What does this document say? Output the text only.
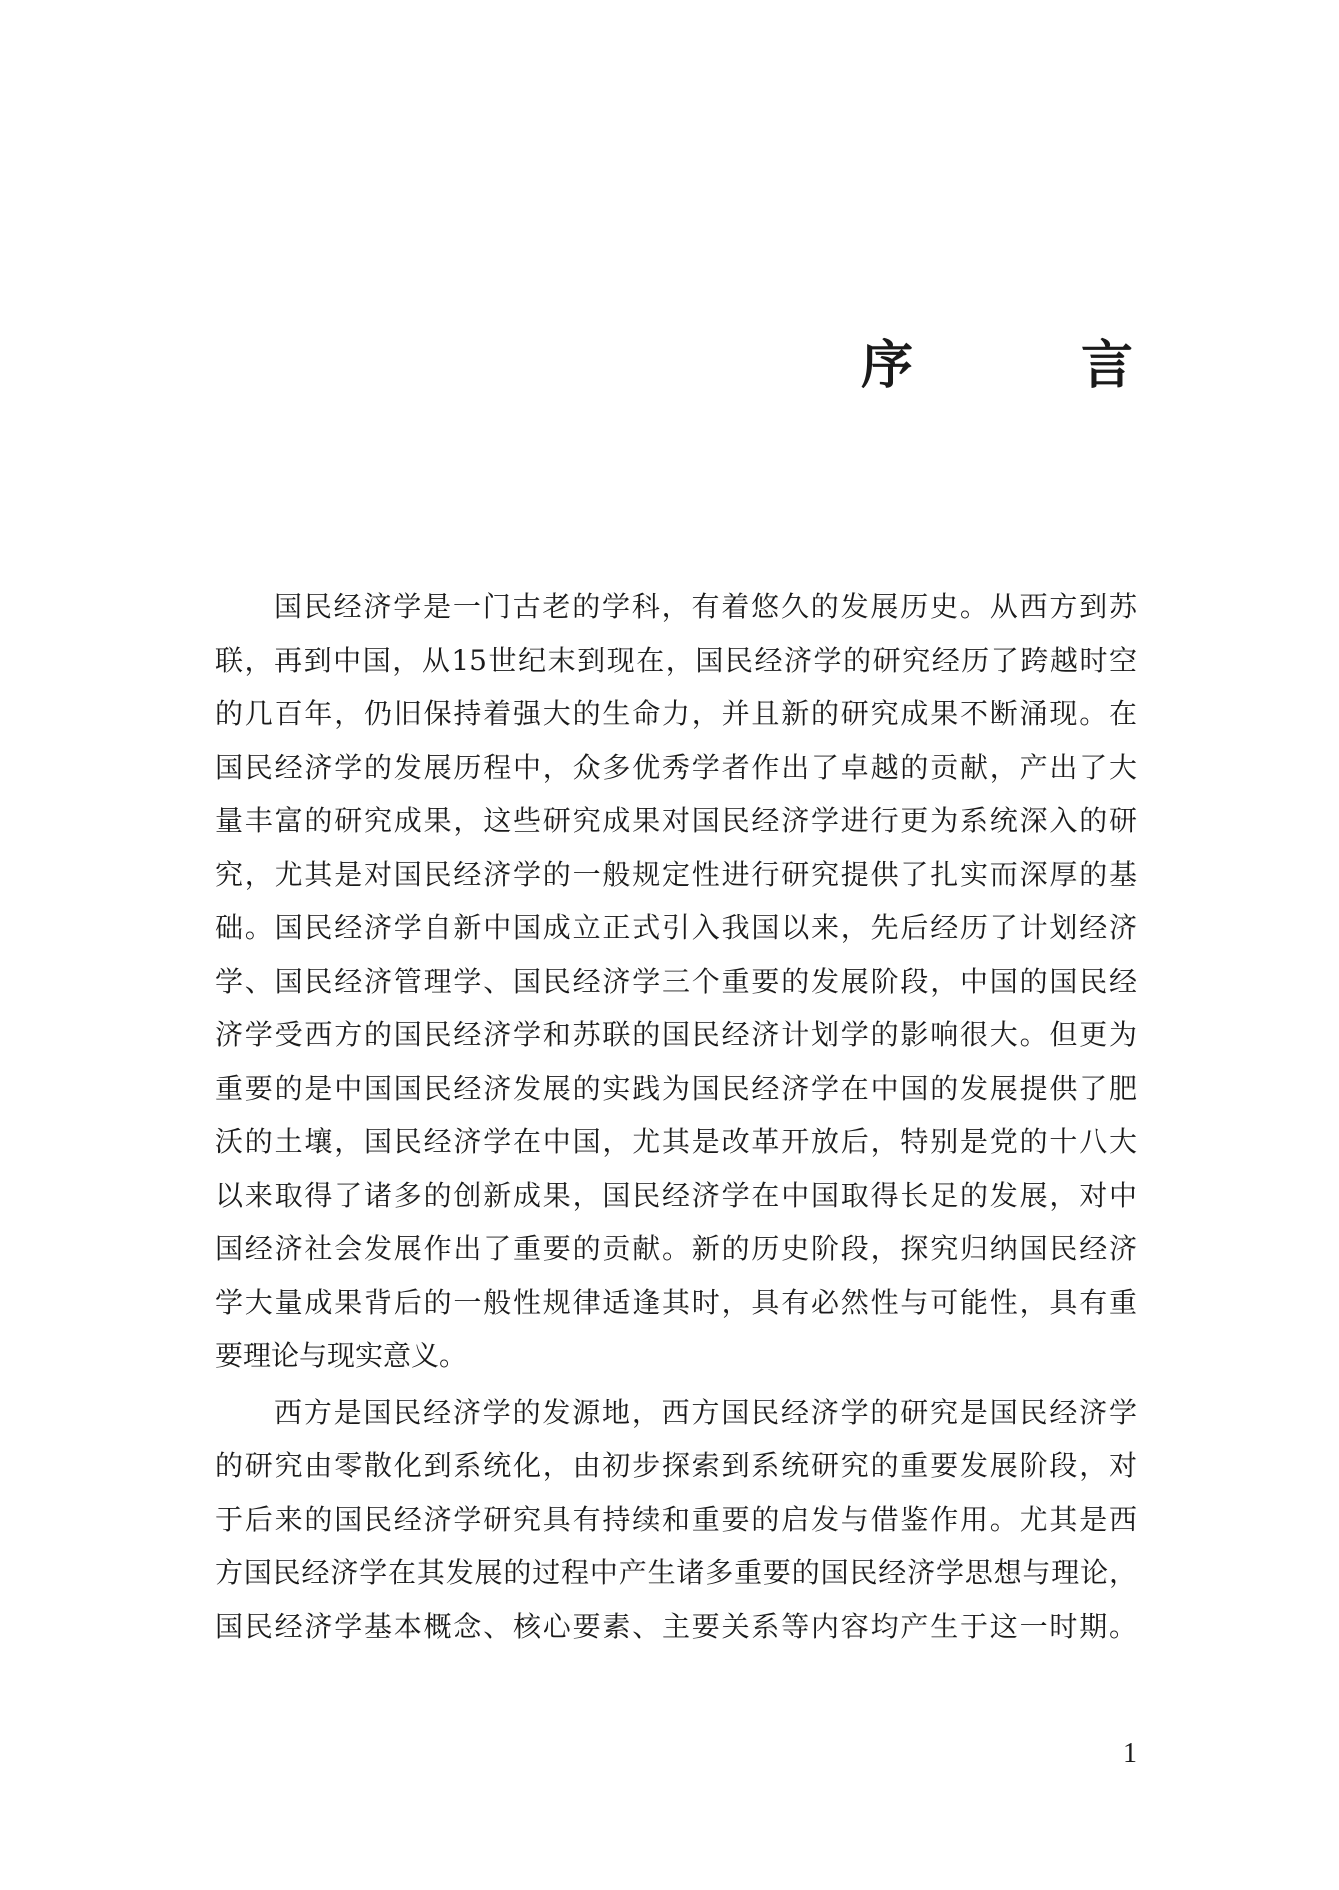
序　言
国民经济学是一门古老的学科，有着悠久的发展历史。从西方到苏
联，再到中国，从15世纪末到现在，国民经济学的研究经历了跨越时空
的几百年，仍旧保持着强大的生命力，并且新的研究成果不断涌现。在
国民经济学的发展历程中，众多优秀学者作出了卓越的贡献，产出了大
量丰富的研究成果，这些研究成果对国民经济学进行更为系统深入的研
究，尤其是对国民经济学的一般规定性进行研究提供了扎实而深厚的基
础。国民经济学自新中国成立正式引入我国以来，先后经历了计划经济
学、国民经济管理学、国民经济学三个重要的发展阶段，中国的国民经
济学受西方的国民经济学和苏联的国民经济计划学的影响很大。但更为
重要的是中国国民经济发展的实践为国民经济学在中国的发展提供了肥
沃的土壤，国民经济学在中国，尤其是改革开放后，特别是党的十八大
以来取得了诸多的创新成果，国民经济学在中国取得长足的发展，对中
国经济社会发展作出了重要的贡献。新的历史阶段，探究归纳国民经济
学大量成果背后的一般性规律适逢其时，具有必然性与可能性，具有重
要理论与现实意义。
西方是国民经济学的发源地，西方国民经济学的研究是国民经济学
的研究由零散化到系统化，由初步探索到系统研究的重要发展阶段，对
于后来的国民经济学研究具有持续和重要的启发与借鉴作用。尤其是西
方国民经济学在其发展的过程中产生诸多重要的国民经济学思想与理论，
国民经济学基本概念、核心要素、主要关系等内容均产生于这一时期。
1
